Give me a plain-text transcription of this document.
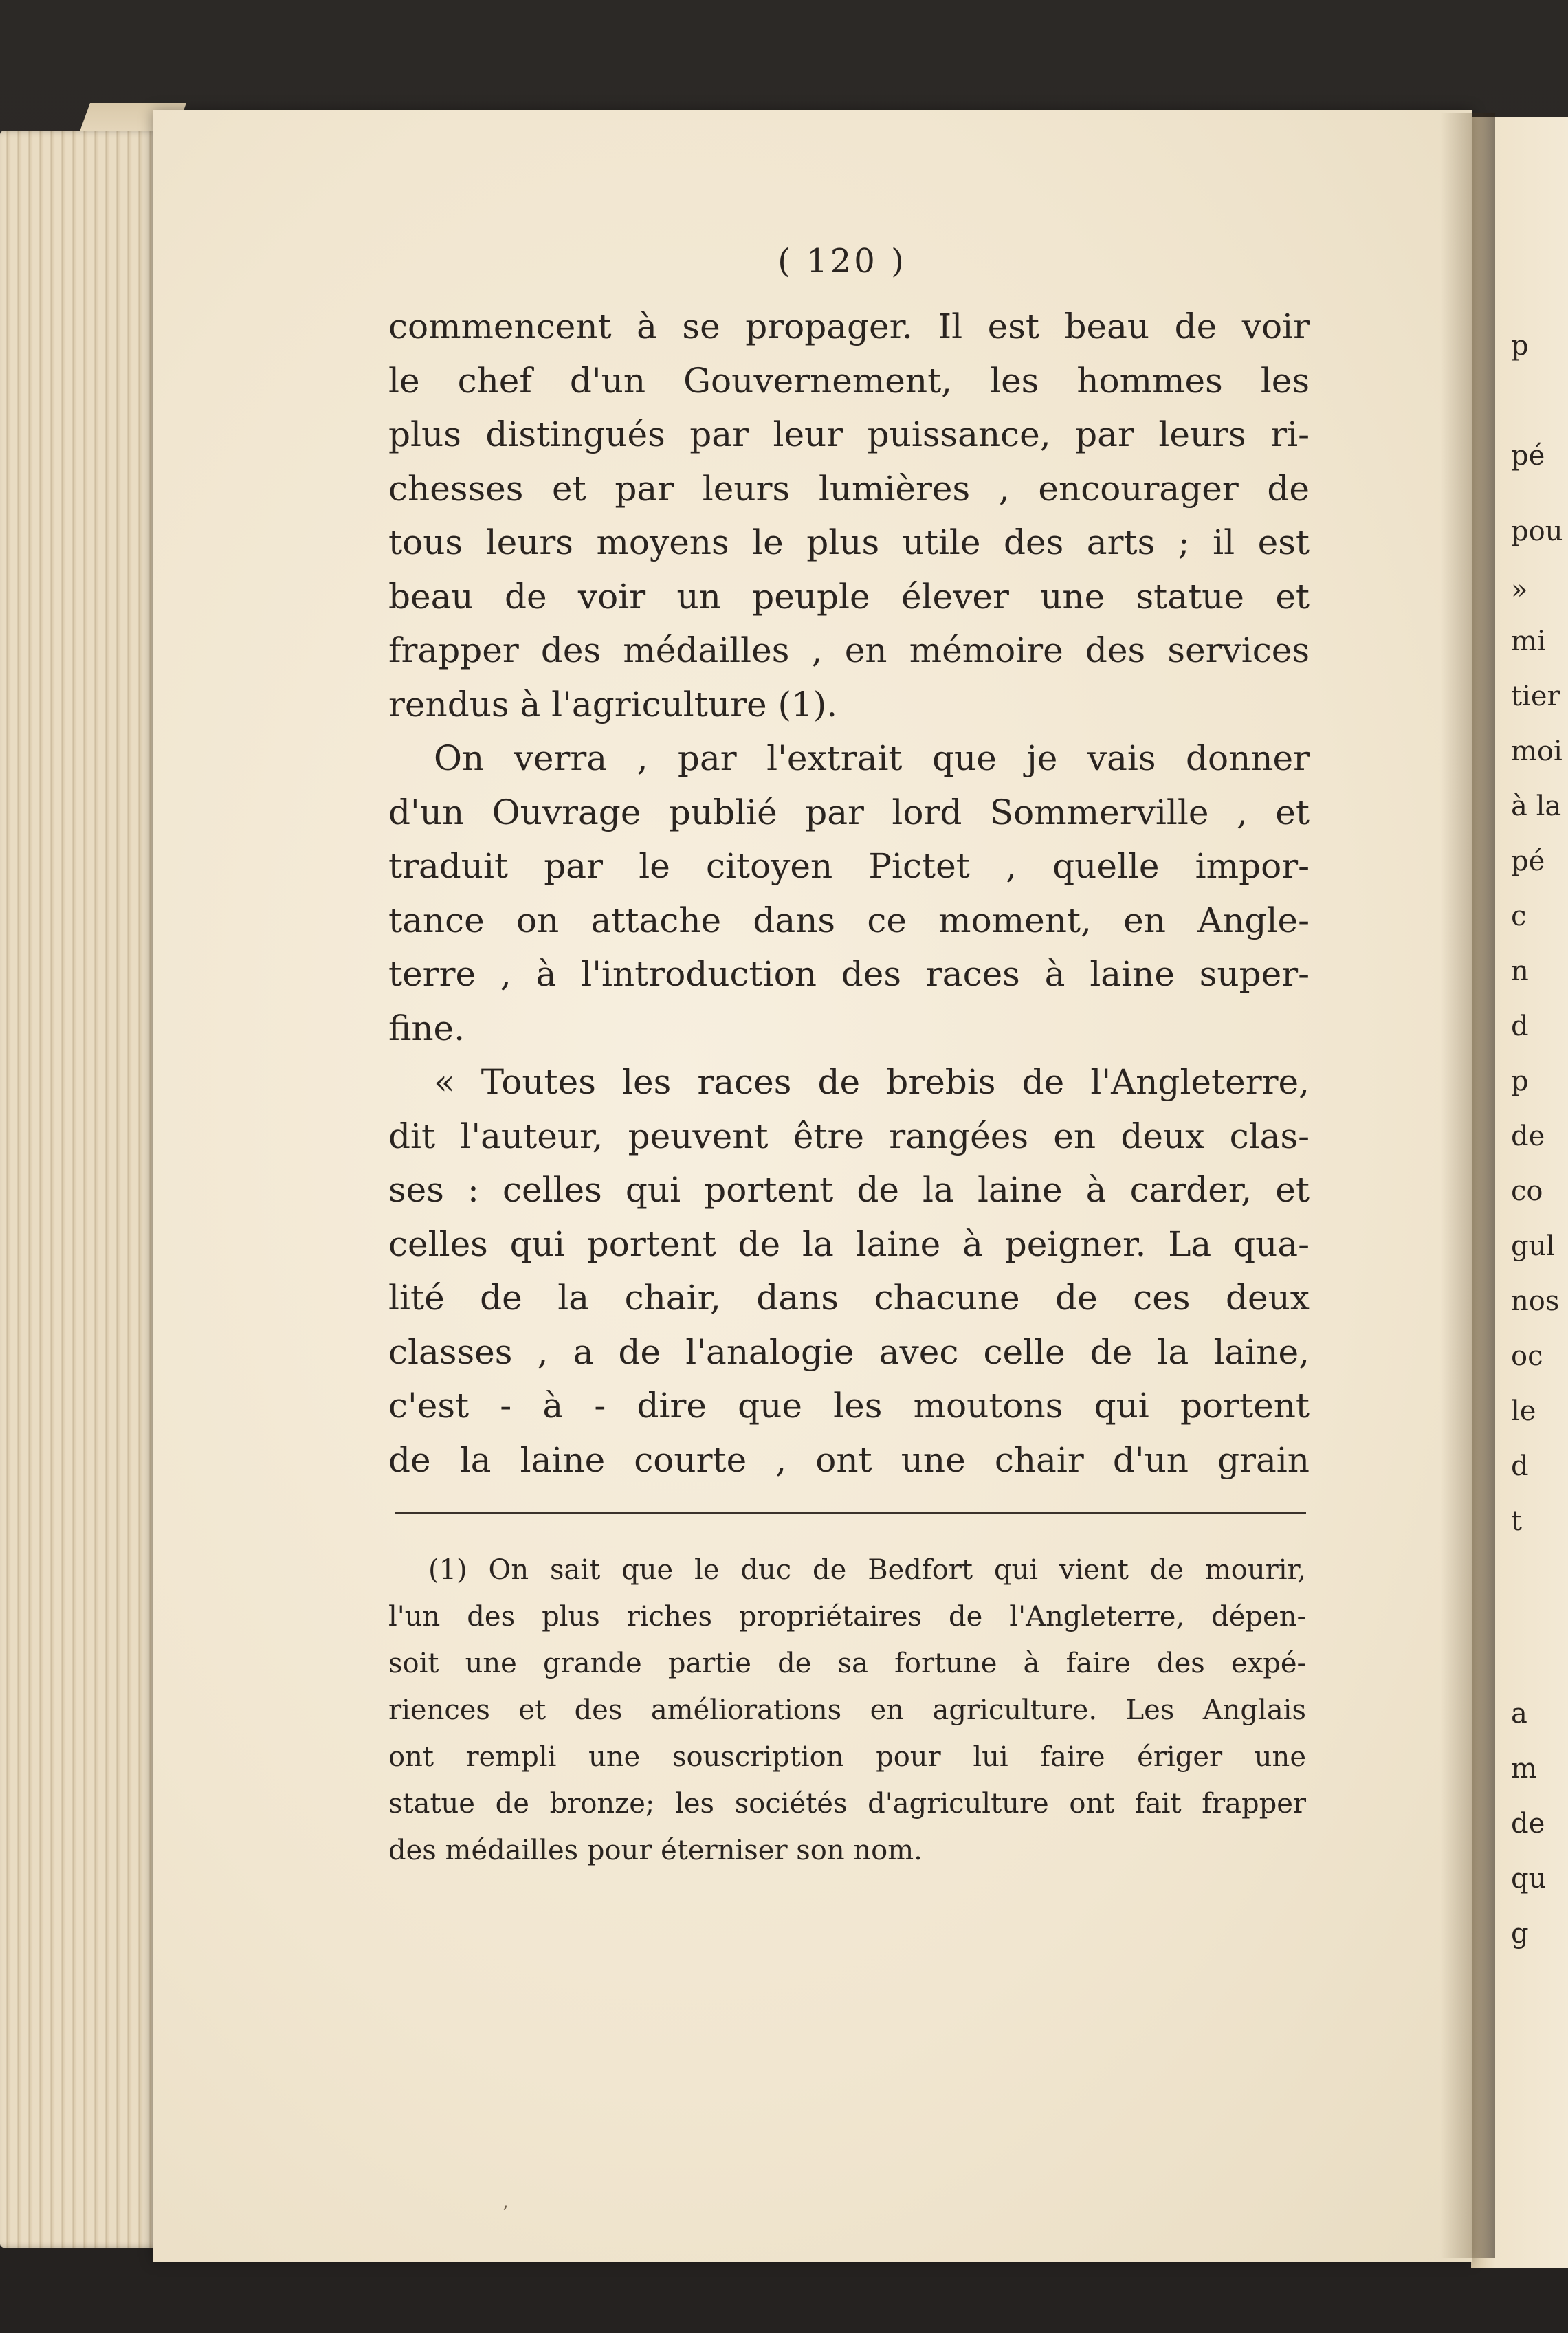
p
pé
pou
»
mi
tier
moi
à la
pé
c
n
d
p
de
co
gul
nos
oc
le
d
t
a
m
de
qu
g
( 120 )
commencent à se propager. Il est beau de voir
le chef d'un Gouvernement, les hommes les
plus distingués par leur puissance, par leurs ri-
chesses et par leurs lumières , encourager de
tous leurs moyens le plus utile des arts ; il est
beau de voir un peuple élever une statue et
frapper des médailles , en mémoire des services
rendus à l'agriculture (1).
On verra , par l'extrait que je vais donner
d'un Ouvrage publié par lord Sommerville , et
traduit par le citoyen Pictet , quelle impor-
tance on attache dans ce moment, en Angle-
terre , à l'introduction des races à laine super-
fine.
« Toutes les races de brebis de l'Angleterre,
dit l'auteur, peuvent être rangées en deux clas-
ses : celles qui portent de la laine à carder, et
celles qui portent de la laine à peigner. La qua-
lité de la chair, dans chacune de ces deux
classes , a de l'analogie avec celle de la laine,
c'est - à - dire que les moutons qui portent
de la laine courte , ont une chair d'un grain
(1) On sait que le duc de Bedfort qui vient de mourir,
l'un des plus riches propriétaires de l'Angleterre, dépen-
soit une grande partie de sa fortune à faire des expé-
riences et des améliorations en agriculture. Les Anglais
ont rempli une souscription pour lui faire ériger une
statue de bronze; les sociétés d'agriculture ont fait frapper
des médailles pour éterniser son nom.
ʼ
